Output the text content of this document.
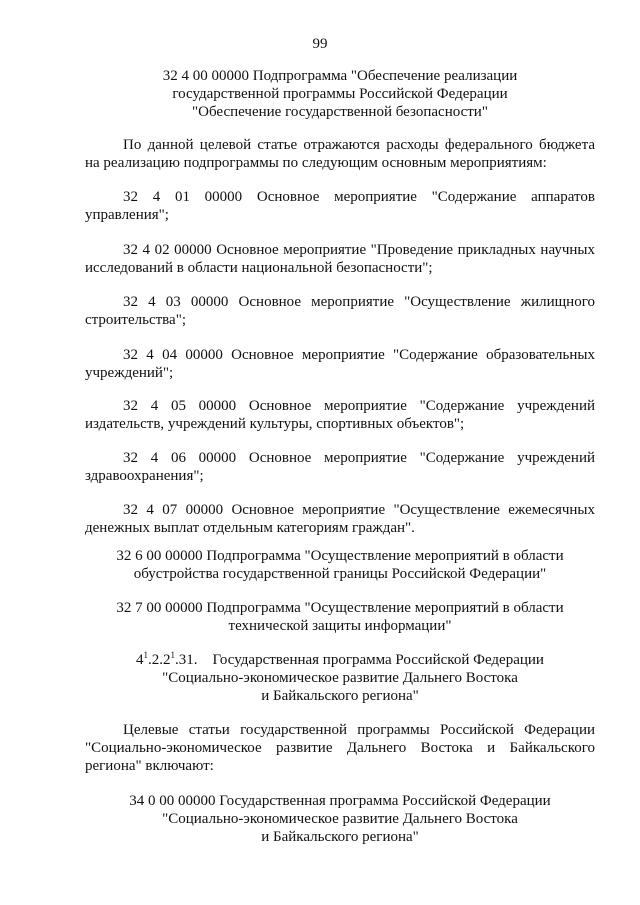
99
32 4 00 00000 Подпрограмма "Обеспечение реализации
государственной программы Российской Федерации
"Обеспечение государственной безопасности"
По данной целевой статье отражаются расходы федерального бюджета на реализацию подпрограммы по следующим основным мероприятиям:
32 4 01 00000 Основное мероприятие "Содержание аппаратов управления";
32 4 02 00000 Основное мероприятие "Проведение прикладных научных исследований в области национальной безопасности";
32 4 03 00000 Основное мероприятие "Осуществление жилищного строительства";
32 4 04 00000 Основное мероприятие "Содержание образовательных учреждений";
32 4 05 00000 Основное мероприятие "Содержание учреждений издательств, учреждений культуры, спортивных объектов";
32 4 06 00000 Основное мероприятие "Содержание учреждений здравоохранения";
32 4 07 00000 Основное мероприятие "Осуществление ежемесячных денежных выплат отдельным категориям граждан".
32 6 00 00000 Подпрограмма "Осуществление мероприятий в области
обустройства государственной границы Российской Федерации"
32 7 00 00000 Подпрограмма "Осуществление мероприятий в области
технической защиты информации"
$4^1.2.2^1.31$. Государственная программа Российской Федерации
"Социально-экономическое развитие Дальнего Востока
и Байкальского региона"
Целевые статьи государственной программы Российской Федерации "Социально-экономическое развитие Дальнего Востока и Байкальского региона" включают:
34 0 00 00000 Государственная программа Российской Федерации
"Социально-экономическое развитие Дальнего Востока
и Байкальского региона"
